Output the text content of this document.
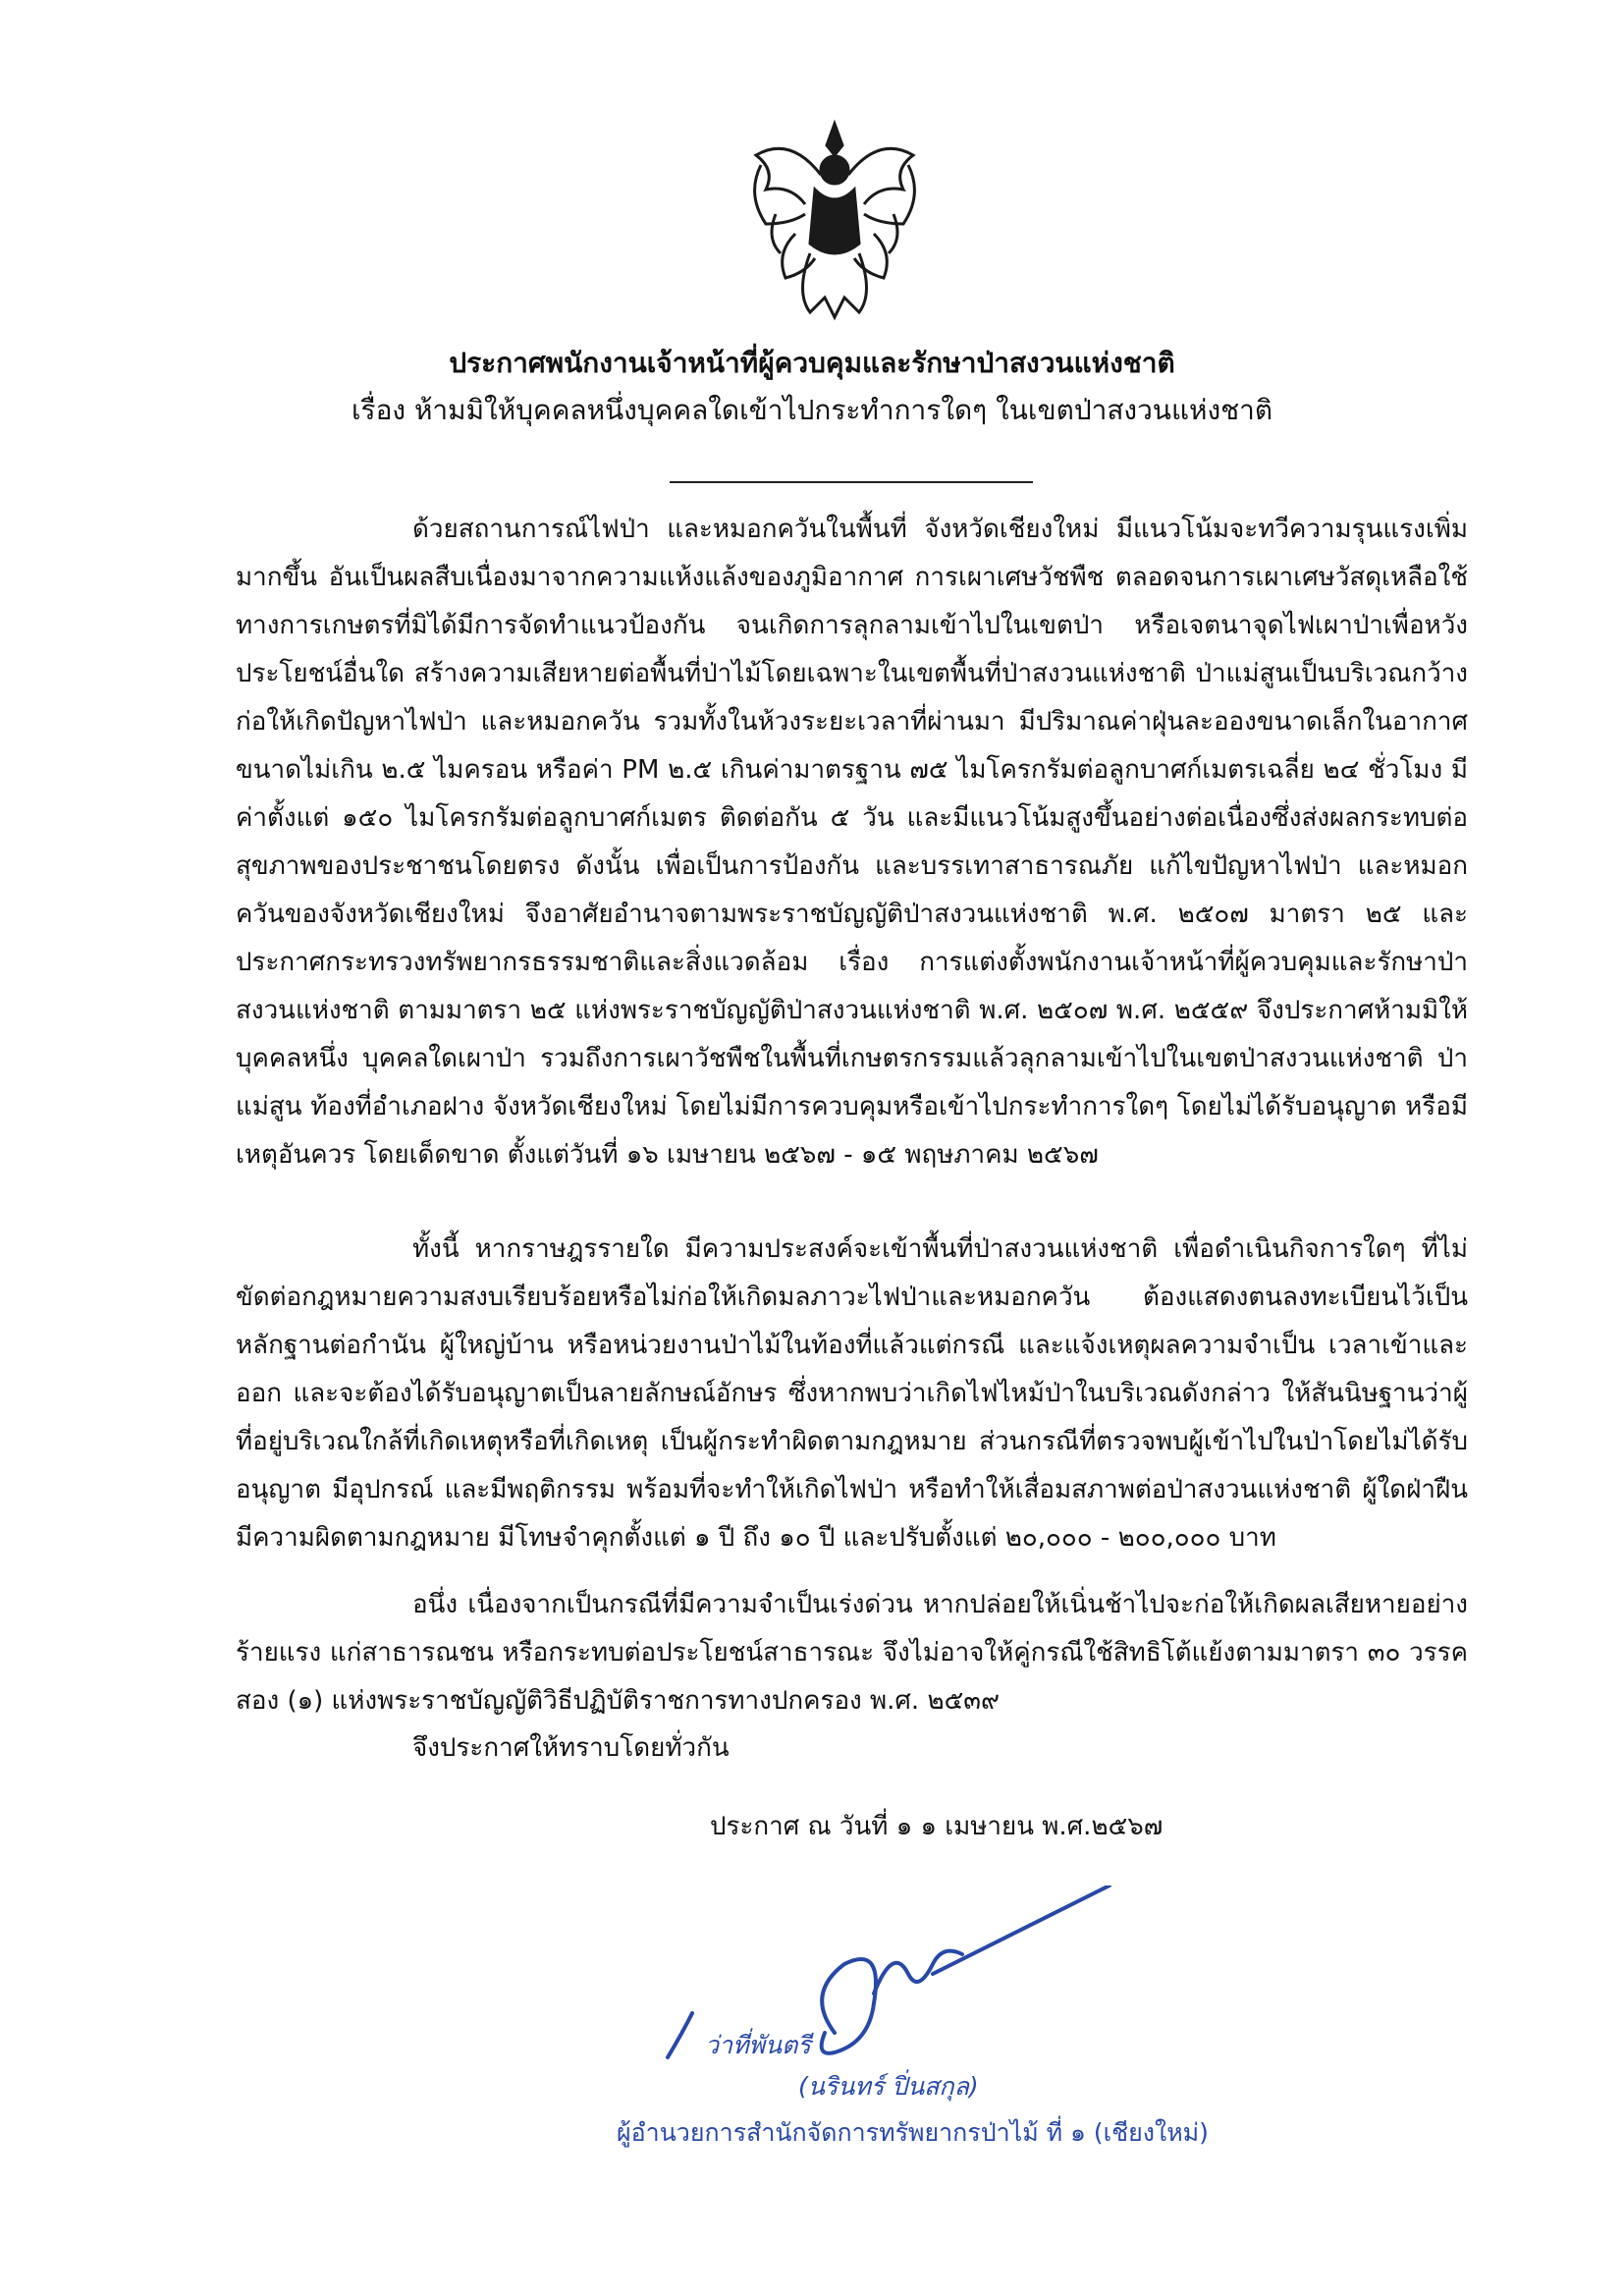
ประกาศพนักงานเจ้าหน้าที่ผู้ควบคุมและรักษาป่าสงวนแห่งชาติ
เรื่อง ห้ามมิให้บุคคลหนึ่งบุคคลใดเข้าไปกระทำการใดๆ ในเขตป่าสงวนแห่งชาติ

ด้วยสถานการณ์ไฟป่า และหมอกควันในพื้นที่ จังหวัดเชียงใหม่ มีแนวโน้มจะทวีความรุนแรงเพิ่มมากขึ้น อันเป็นผลสืบเนื่องมาจากความแห้งแล้งของภูมิอากาศ การเผาเศษวัชพืช ตลอดจนการเผาเศษวัสดุเหลือใช้ทางการเกษตรที่มิได้มีการจัดทำแนวป้องกัน จนเกิดการลุกลามเข้าไปในเขตป่า หรือเจตนาจุดไฟเผาป่าเพื่อหวังประโยชน์อื่นใด สร้างความเสียหายต่อพื้นที่ป่าไม้โดยเฉพาะในเขตพื้นที่ป่าสงวนแห่งชาติ ป่าแม่สูนเป็นบริเวณกว้าง ก่อให้เกิดปัญหาไฟป่า และหมอกควัน รวมทั้งในห้วงระยะเวลาที่ผ่านมา มีปริมาณค่าฝุ่นละอองขนาดเล็กในอากาศขนาดไม่เกิน ๒.๕ ไมครอน หรือค่า PM ๒.๕ เกินค่ามาตรฐาน ๗๕ ไมโครกรัมต่อลูกบาศก์เมตรเฉลี่ย ๒๔ ชั่วโมง มีค่าตั้งแต่ ๑๕๐ ไมโครกรัมต่อลูกบาศก์เมตร ติดต่อกัน ๕ วัน และมีแนวโน้มสูงขึ้นอย่างต่อเนื่องซึ่งส่งผลกระทบต่อสุขภาพของประชาชนโดยตรง ดังนั้น เพื่อเป็นการป้องกัน และบรรเทาสาธารณภัย แก้ไขปัญหาไฟป่า และหมอกควันของจังหวัดเชียงใหม่ จึงอาศัยอำนาจตามพระราชบัญญัติป่าสงวนแห่งชาติ พ.ศ. ๒๕๐๗ มาตรา ๒๕ และประกาศกระทรวงทรัพยากรธรรมชาติและสิ่งแวดล้อม เรื่อง การแต่งตั้งพนักงานเจ้าหน้าที่ผู้ควบคุมและรักษาป่าสงวนแห่งชาติ ตามมาตรา ๒๕ แห่งพระราชบัญญัติป่าสงวนแห่งชาติ พ.ศ. ๒๕๐๗ พ.ศ. ๒๕๕๙ จึงประกาศห้ามมิให้บุคคลหนึ่ง บุคคลใดเผาป่า รวมถึงการเผาวัชพืชในพื้นที่เกษตรกรรมแล้วลุกลามเข้าไปในเขตป่าสงวนแห่งชาติ ป่าแม่สูน ท้องที่อำเภอฝาง จังหวัดเชียงใหม่ โดยไม่มีการควบคุมหรือเข้าไปกระทำการใดๆ โดยไม่ได้รับอนุญาต หรือมีเหตุอันควร โดยเด็ดขาด ตั้งแต่วันที่ ๑๖ เมษายน ๒๕๖๗ - ๑๕ พฤษภาคม ๒๕๖๗

ทั้งนี้ หากราษฎรรายใด มีความประสงค์จะเข้าพื้นที่ป่าสงวนแห่งชาติ เพื่อดำเนินกิจการใดๆ ที่ไม่ขัดต่อกฎหมายความสงบเรียบร้อยหรือไม่ก่อให้เกิดมลภาวะไฟป่าและหมอกควัน ต้องแสดงตนลงทะเบียนไว้เป็นหลักฐานต่อกำนัน ผู้ใหญ่บ้าน หรือหน่วยงานป่าไม้ในท้องที่แล้วแต่กรณี และแจ้งเหตุผลความจำเป็น เวลาเข้าและออก และจะต้องได้รับอนุญาตเป็นลายลักษณ์อักษร ซึ่งหากพบว่าเกิดไฟไหม้ป่าในบริเวณดังกล่าว ให้สันนิษฐานว่าผู้ที่อยู่บริเวณใกล้ที่เกิดเหตุหรือที่เกิดเหตุ เป็นผู้กระทำผิดตามกฎหมาย ส่วนกรณีที่ตรวจพบผู้เข้าไปในป่าโดยไม่ได้รับอนุญาต มีอุปกรณ์ และมีพฤติกรรม พร้อมที่จะทำให้เกิดไฟป่า หรือทำให้เสื่อมสภาพต่อป่าสงวนแห่งชาติ ผู้ใดฝ่าฝืนมีความผิดตามกฎหมาย มีโทษจำคุกตั้งแต่ ๑ ปี ถึง ๑๐ ปี และปรับตั้งแต่ ๒๐,๐๐๐ - ๒๐๐,๐๐๐ บาท

อนึ่ง เนื่องจากเป็นกรณีที่มีความจำเป็นเร่งด่วน หากปล่อยให้เนิ่นช้าไปจะก่อให้เกิดผลเสียหายอย่างร้ายแรง แก่สาธารณชน หรือกระทบต่อประโยชน์สาธารณะ จึงไม่อาจให้คู่กรณีใช้สิทธิโต้แย้งตามมาตรา ๓๐ วรรคสอง (๑) แห่งพระราชบัญญัติวิธีปฏิบัติราชการทางปกครอง พ.ศ. ๒๕๓๙

จึงประกาศให้ทราบโดยทั่วกัน

ประกาศ ณ วันที่ ๑ ๑ เมษายน พ.ศ.๒๕๖๗
ว่าที่พันตรี
(นรินทร์ ปิ่นสกุล)
ผู้อำนวยการสำนักจัดการทรัพยากรป่าไม้ ที่ ๑ (เชียงใหม่)
